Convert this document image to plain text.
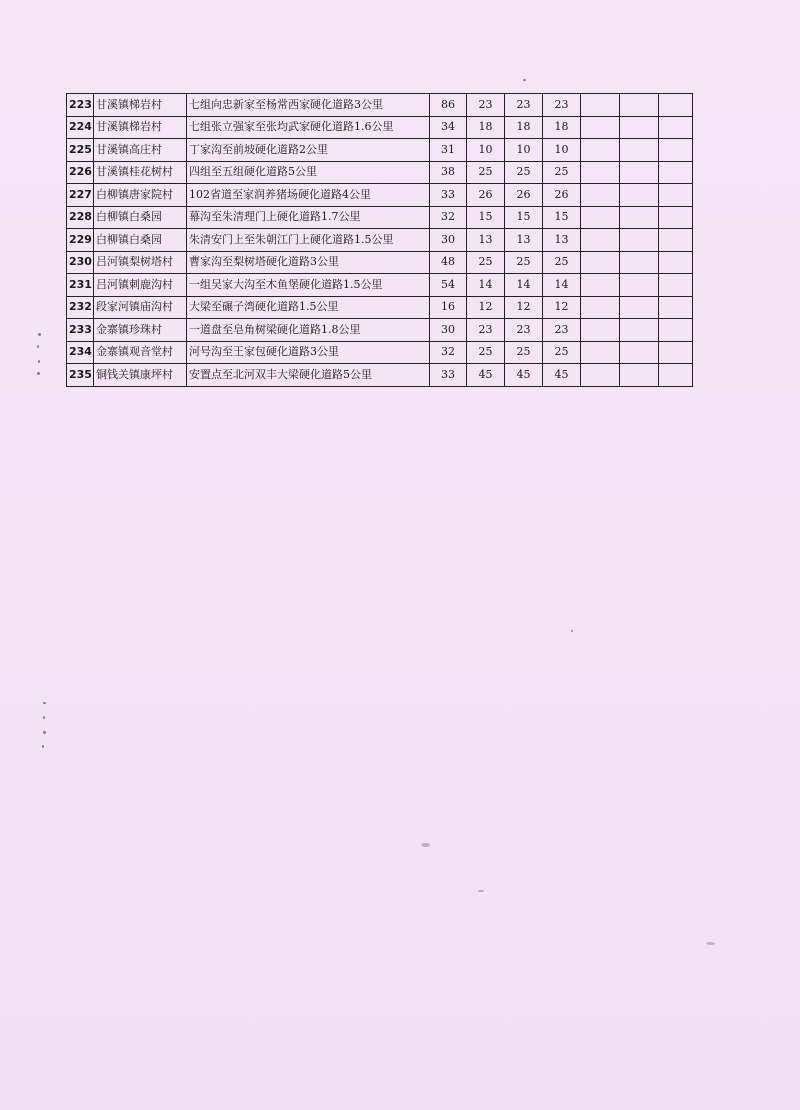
223	甘溪镇梯岩村	七组向忠新家至杨常西家硬化道路3公里	86	23	23	23			
224	甘溪镇梯岩村	七组张立强家至张均武家硬化道路1.6公里	34	18	18	18			
225	甘溪镇高庄村	丁家沟至前坡硬化道路2公里	31	10	10	10			
226	甘溪镇桂花树村	四组至五组硬化道路5公里	38	25	25	25			
227	白柳镇唐家院村	102省道至家润养猪场硬化道路4公里	33	26	26	26			
228	白柳镇白桑园	幕沟至朱清理门上硬化道路1.7公里	32	15	15	15			
229	白柳镇白桑园	朱清安门上至朱朝江门上硬化道路1.5公里	30	13	13	13			
230	吕河镇梨树塔村	曹家沟至梨树塔硬化道路3公里	48	25	25	25			
231	吕河镇刺鹿沟村	一组吴家大沟至木鱼堡硬化道路1.5公里	54	14	14	14			
232	段家河镇庙沟村	大梁至碾子湾硬化道路1.5公里	16	12	12	12			
233	金寨镇珍珠村	一道盘至皂角树梁硬化道路1.8公里	30	23	23	23			
234	金寨镇观音堂村	河号沟至王家包硬化道路3公里	32	25	25	25			
235	铜钱关镇康坪村	安置点至北河双丰大梁硬化道路5公里	33	45	45	45			
